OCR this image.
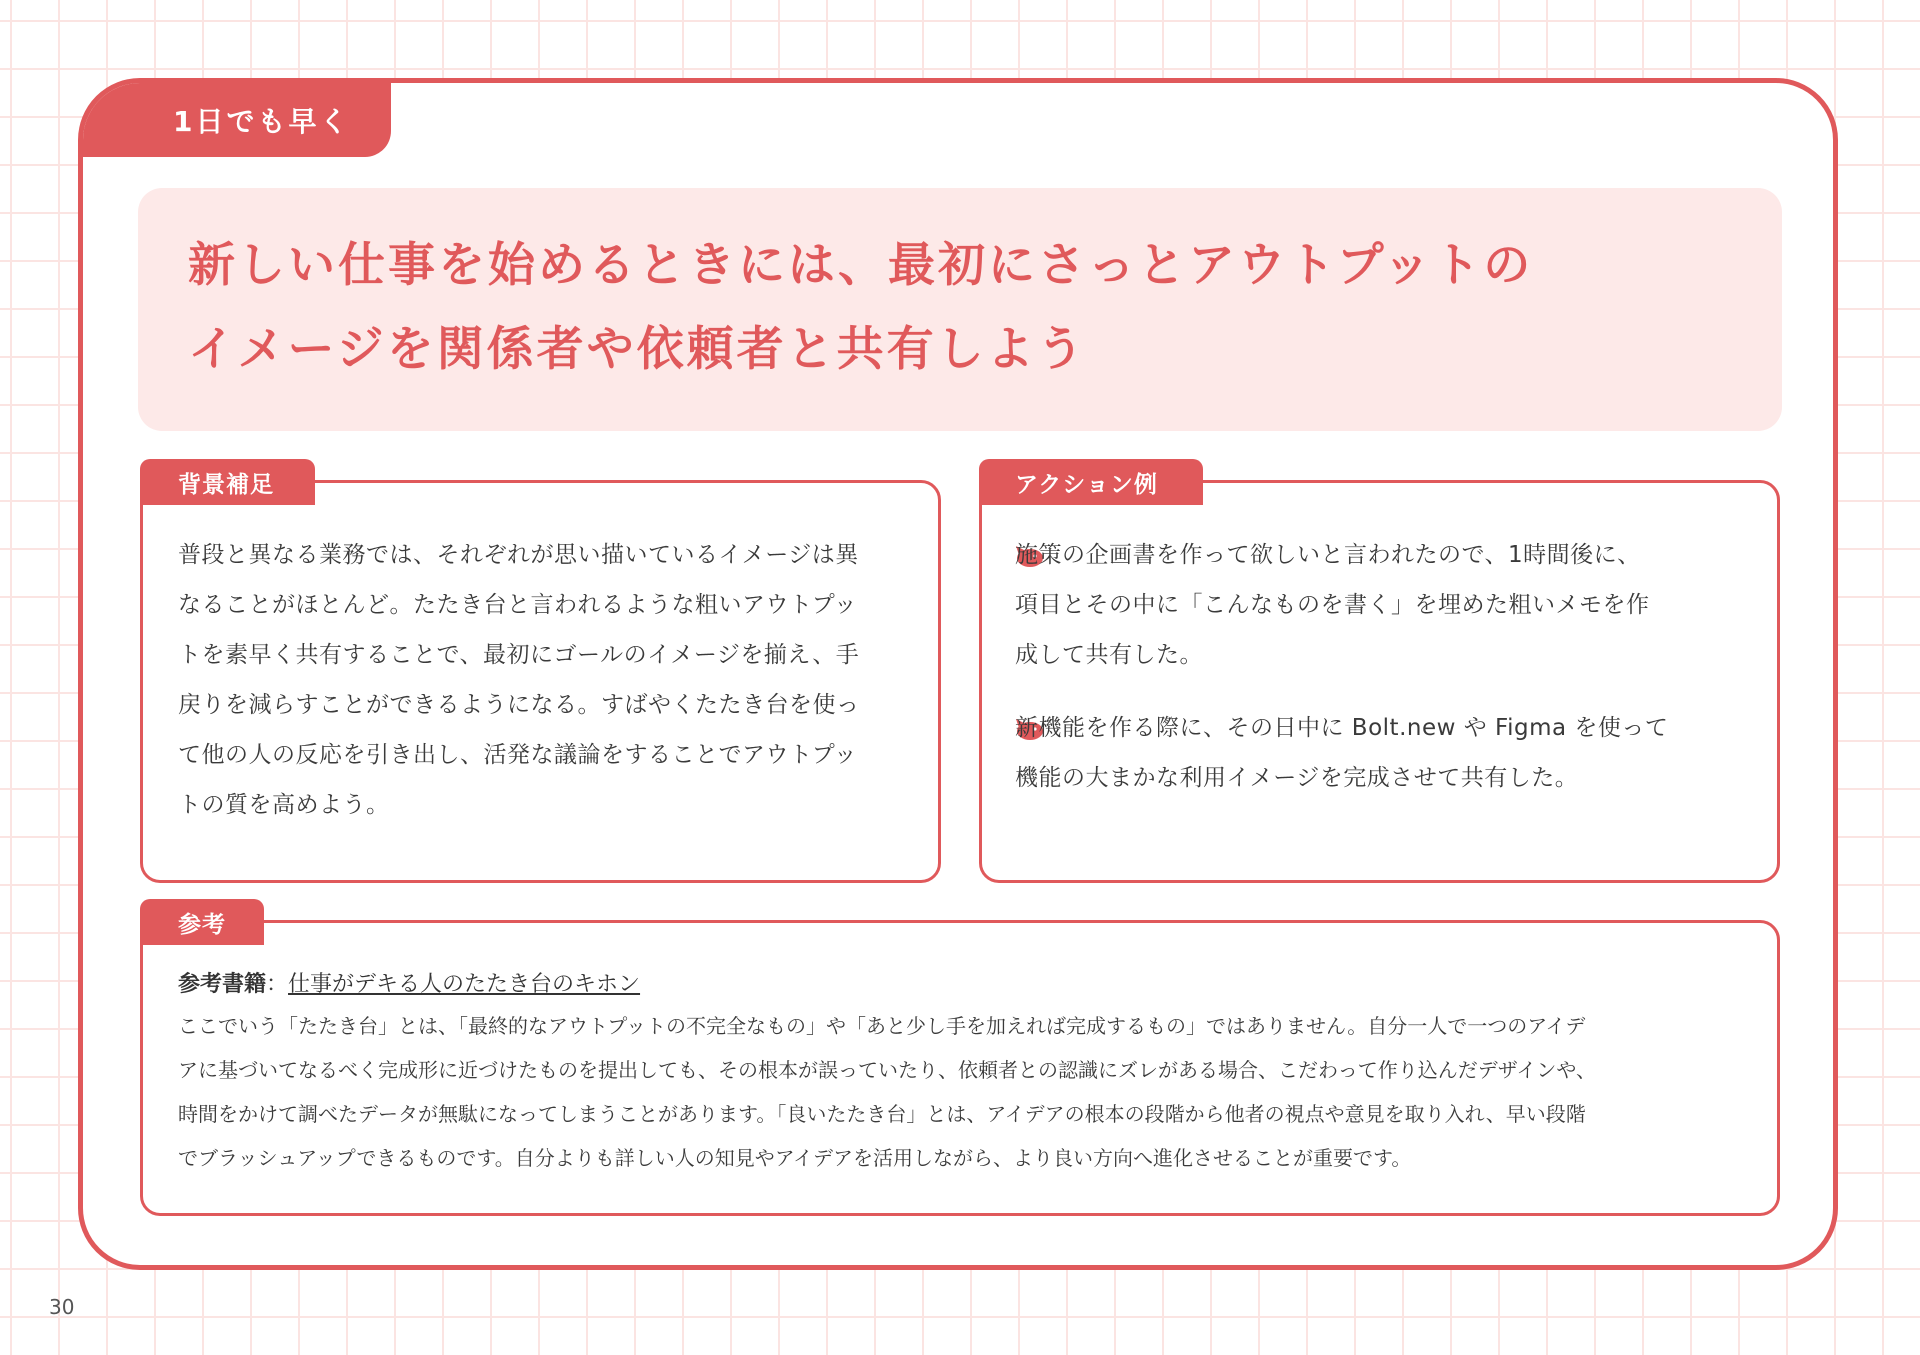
1日でも早く
新しい仕事を始めるときには、最初にさっとアウトプットの
イメージを関係者や依頼者と共有しよう
背景補足
普段と異なる業務では、それぞれが思い描いているイメージは異
なることがほとんど。たたき台と言われるような粗いアウトプッ
トを素早く共有することで、最初にゴールのイメージを揃え、手
戻りを減らすことができるようになる。すばやくたたき台を使っ
て他の人の反応を引き出し、活発な議論をすることでアウトプッ
トの質を高めよう。
アクション例
施策の企画書を作って欲しいと言われたので、1時間後に、
項目とその中に「こんなものを書く」を埋めた粗いメモを作
成して共有した。
新機能を作る際に、その日中に Bolt.new や Figma を使って
機能の大まかな利用イメージを完成させて共有した。
参考
参考書籍：仕事がデキる人のたたき台のキホン
ここでいう「たたき台」とは、「最終的なアウトプットの不完全なもの」や「あと少し手を加えれば完成するもの」ではありません。自分一人で一つのアイデ
アに基づいてなるべく完成形に近づけたものを提出しても、その根本が誤っていたり、依頼者との認識にズレがある場合、こだわって作り込んだデザインや、
時間をかけて調べたデータが無駄になってしまうことがあります。「良いたたき台」とは、アイデアの根本の段階から他者の視点や意見を取り入れ、早い段階
でブラッシュアップできるものです。自分よりも詳しい人の知見やアイデアを活用しながら、より良い方向へ進化させることが重要です。
30
